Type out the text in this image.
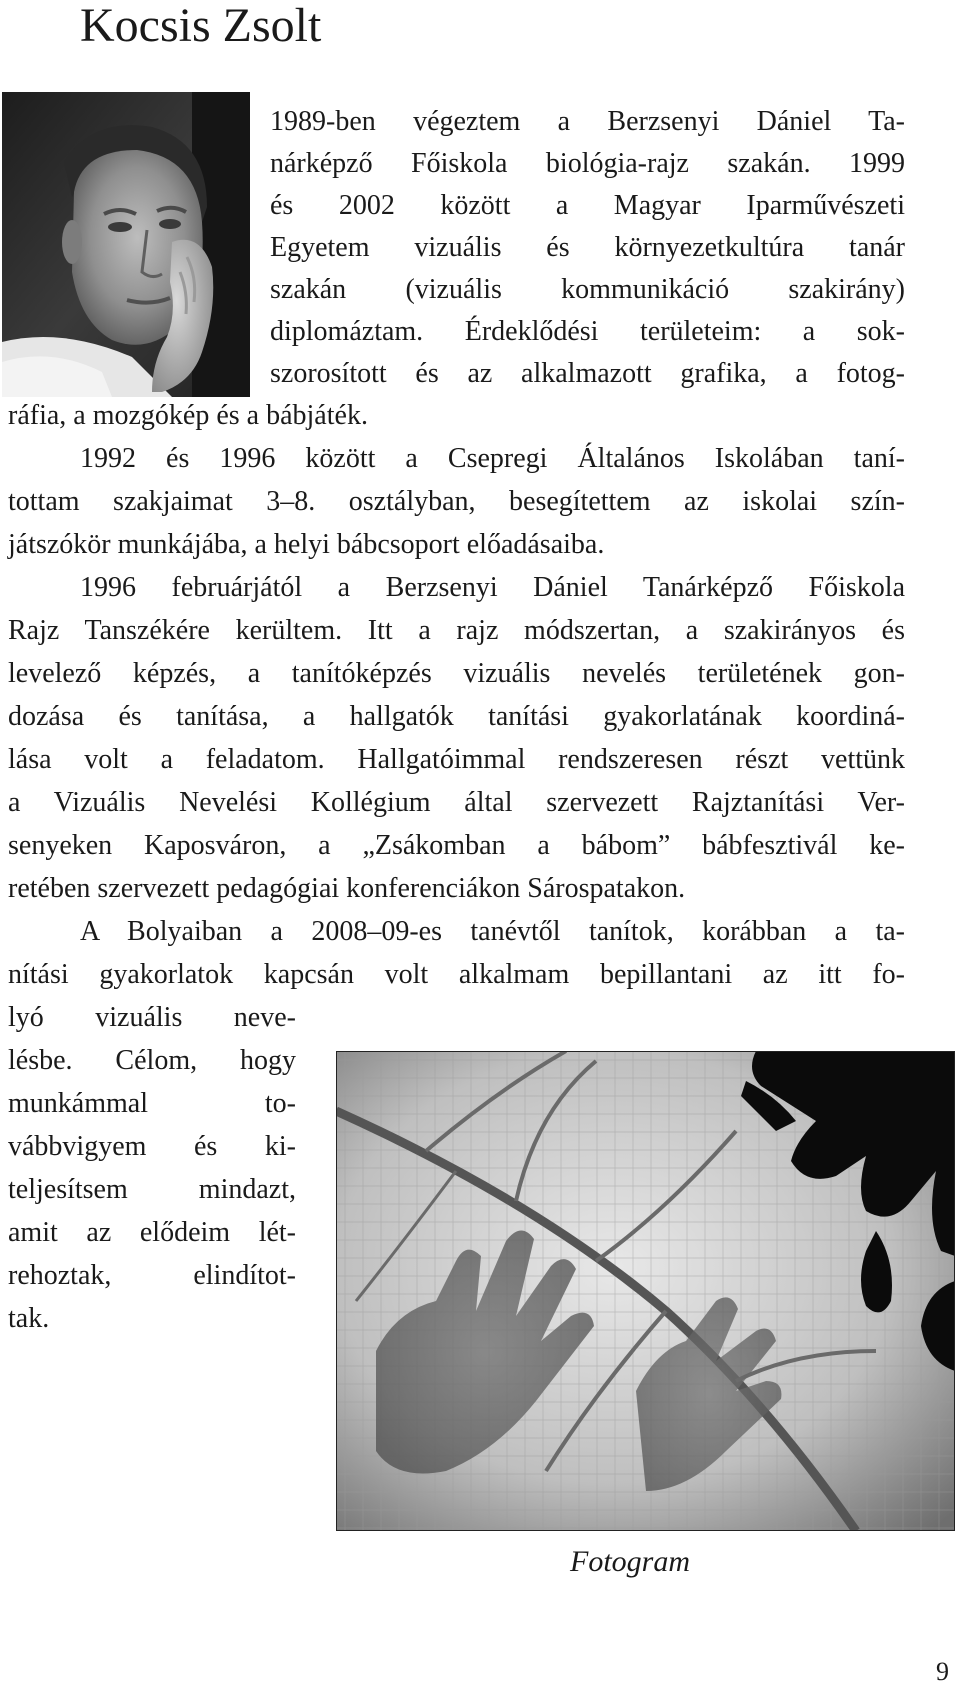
Kocsis Zsolt
1989-ben végeztem a Berzsenyi Dániel Ta-
nárképző Főiskola biológia-rajz szakán. 1999
és 2002 között a Magyar Iparművészeti
Egyetem vizuális és környezetkultúra tanár
szakán (vizuális kommunikáció szakirány)
diplomáztam. Érdeklődési területeim: a sok-
szorosított és az alkalmazott grafika, a fotog-
ráfia, a mozgókép és a bábjáték.
1992 és 1996 között a Csepregi Általános Iskolában taní-
tottam szakjaimat 3–8. osztályban, besegítettem az iskolai szín-
játszókör munkájába, a helyi bábcsoport előadásaiba.
1996 februárjától a Berzsenyi Dániel Tanárképző Főiskola
Rajz Tanszékére kerültem. Itt a rajz módszertan, a szakirányos és
levelező képzés, a tanítóképzés vizuális nevelés területének gon-
dozása és tanítása, a hallgatók tanítási gyakorlatának koordiná-
lása volt a feladatom. Hallgatóimmal rendszeresen részt vettünk
a Vizuális Nevelési Kollégium által szervezett Rajztanítási Ver-
senyeken Kaposváron, a „Zsákomban a bábom” bábfesztivál ke-
retében szervezett pedagógiai konferenciákon Sárospatakon.
A Bolyaiban a 2008–09-es tanévtől tanítok, korábban a ta-
nítási gyakorlatok kapcsán volt alkalmam bepillantani az itt fo-
lyó vizuális neve-
lésbe. Célom, hogy
munkámmal to-
vábbvigyem és ki-
teljesítsem mindazt,
amit az elődeim lét-
rehoztak, elindítot-
tak.
Fotogram
9
